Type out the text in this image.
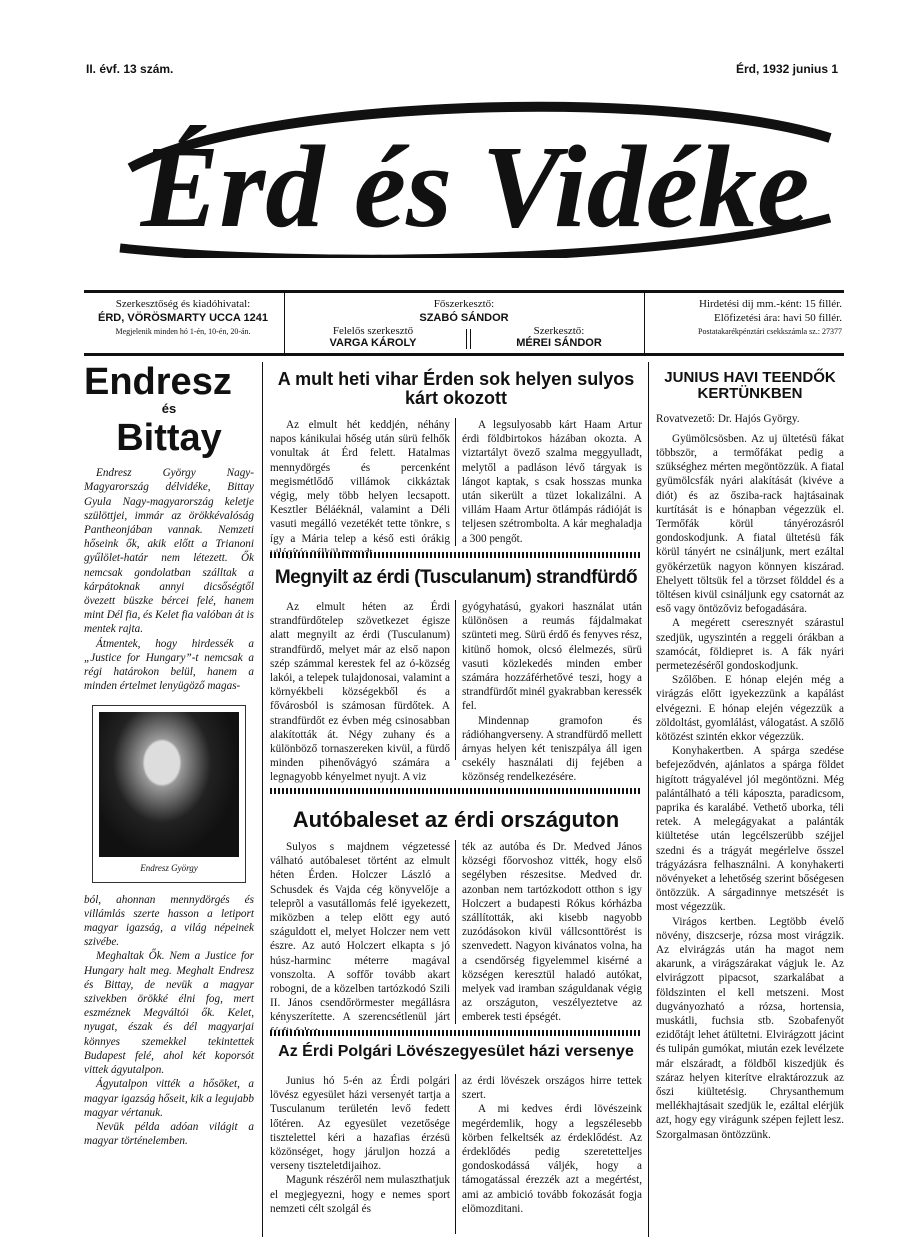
II. évf. 13 szám.	Érd, 1932 junius 1
Érd és Vidéke
Szerkesztőség és kiadóhivatal:
ÉRD, VÖRÖSMARTY UCCA 1241
Megjelenik minden hó 1-én, 10-én, 20-án.
Főszerkesztő:
SZABÓ SÁNDOR
Felelős szerkesztő
VARGA KÁROLY
Szerkesztő:
MÉREI SÁNDOR
Hirdetési dij mm.-ként: 15 fillér.
Előfizetési ára: havi 50 fillér.
Postatakarékpénztári csekkszámla sz.: 27377
Endresz
és
Bittay

Endresz György Nagy-Magyarország délvidéke, Bittay Gyula Nagy-magyarország keletje szülöttjei, immár az örökkévalóság Pantheonjában vannak. Nemzeti hőseink ők, akik előtt a Trianoni gyűlölet-határ nem létezett. Ők nemcsak gondolatban szálltak a kárpátoknak annyi dicsőségtől övezett büszke bércei felé, hanem mint Dél fia, és Kelet fia valóban át is mentek rajta.

Átmentek, hogy hirdessék a „Justice for Hungary”-t nemcsak a régi határokon belül, hanem a minden értelmet lenyügöző magas-

Endresz György

ból, ahonnan mennydörgés és villámlás szerte hasson a letiport magyar igazság, a világ népeinek szivébe.

Meghaltak Ők. Nem a Justice for Hungary halt meg. Meghalt Endresz és Bittay, de nevük a magyar szivekben örökké élni fog, mert eszméznek Megváltói ők. Kelet, nyugat, észak és dél magyarjai könnyes szemekkel tekintettek Budapest felé, ahol két koporsót vittek ágyutalpon.

Ágyutalpon vitték a hősöket, a magyar igazság hőseit, kik a legujabb magyar vértanuk.

Nevük példa adóan világit a magyar történelemben.

A mult heti vihar Érden sok helyen sulyos kárt okozott

Az elmult hét keddjén, néhány napos kánikulai hőség után sürü felhők vonultak át Érd felett. Hatalmas mennydörgés és percenként megismétlődő villámok cikkáztak végig, mely több helyen lecsapott. Kesztler Béláéknál, valamint a Déli vasuti megálló vezetékét tette tönkre, s így a Mária telep a késő esti órákig

A legsulyosabb kárt Haam Artur érdi földbirtokos házában okozta. A viztartályt övező szalma meggyulladt, melytől a padláson lévő tárgyak is lángot kaptak, s csak hosszas munka után sikerült a tüzet lokalizálni. A villám Haam Artur ötlámpás rádióját is teljesen szétrombolta. A kár meghaladja a 300 pengőt.

Megnyilt az érdi (Tusculanum) strandfürdő

Az elmult héten az Érdi strandfürdőtelep szövetkezet égisze alatt megnyilt az érdi (Tusculanum) strandfürdő, melyet már az első napon szép számmal kerestek fel az ó-község lakói, a telepek tulajdonosai, valamint a környékbeli községekből és a fővárosból is számosan fürdőtek. A strandfürdőt ez évben még csinosabban alakították át. Négy zuhany és a különböző tornaszereken kivül, a fürdő minden pihenővágyó számára a legnagyobb kényelmet nyujt. A viz

gyógyhatású, gyakori használat után különösen a reumás fájdalmakat szünteti meg. Sürü érdő és fenyves rész, kitünő homok, olcsó élelmezés, sürü vasuti közlekedés minden ember számára hozzáférhetővé teszi, hogy a strandfürdőt minél gyakrabban keressék fel.

Mindennap gramofon és rádióhangverseny. A strandfürdő mellett árnyas helyen két teniszpálya áll igen csekély használati dij fejében a közönség rendelkezésére.

Autóbaleset az érdi országuton

Sulyos s majdnem végzetessé válható autóbaleset történt az elmult héten Érden. Holczer László a Schusdek és Vajda cég könyvelője a teleprõl a vasutállomás felé igyekezett, miközben a telep elött egy autó száguldott el, melyet Holczer nem vett észre. Az autó Holczert elkapta s jó húsz-harminc méterre magával vonszolta. A soffőr tovább akart robogni, de a közelben tartózkodó Szili II. János csendőrörmester megállásra kényszerítette. A szerencsétlenül járt

ték az autóba és Dr. Medved János községi főorvoshoz vitték, hogy első segélyben részesitse. Medved dr. azonban nem tartózkodott otthon s igy Holczert a budapesti Rókus kórházba szállították, aki kisebb nagyobb zuzódásokon kivül vállcsonttörést is szenvedett. Nagyon kivánatos volna, ha a csendőrség figyelemmel kisérné a községen keresztül haladó autókat, melyek vad iramban száguldanak végig az országuton, veszélyeztetve az emberek testi épségét.

Az Érdi Polgári Lövészegyesület házi versenye

Junius hó 5-én az Érdi polgári lövész egyesület házi versenyét tartja a Tusculanum területén levő fedett lőtéren. Az egyesület vezetősége tisztelettel kéri a hazafias érzésü közönséget, hogy járuljon hozzá a verseny tiszteletdijaihoz.

Magunk részéről nem mulaszthatjuk el megjegyezni, hogy e nemes sport nemzeti célt szolgál és

az érdi lövészek országos hirre tettek szert.

A mi kedves érdi lövészeink megérdemlik, hogy a legszélesebb körben felkeltsék az érdeklődést. Az érdeklődés pedig szeretetteljes gondoskodássá váljék, hogy a támogatással érezzék azt a megértést, ami az ambició tovább fokozását fogja elömozditani.

JUNIUS HAVI TEENDŐK KERTÜNKBEN
Rovatvezető: Dr. Hajós György.

Gyümölcsösben. Az uj ültetésü fákat többször, a termőfákat pedig a szükséghez mérten megöntözzük. A fiatal gyümölcsfák nyári alakítását (kivéve a diót) és az ősziba-rack hajtásainak kurtítását is e hónapban végezzük el. Termőfák körül tányérozásról gondoskodjunk. A fiatal ültetésü fák körül tányért ne csináljunk, mert ezáltal gyökérzetük nagyon könnyen kiszárad. Ehelyett töltsük fel a törzset földdel és a töltésen kivül csináljunk egy csatornát az eső vagy öntözőviz befogadására.

A megérett cseresznyét szárastul szedjük, ugyszintén a reggeli órákban a szamócát, földiepret is. A fák nyári permetezéséről gondoskodjunk.

Szőlőben. E hónap elején még a virágzás előtt igyekezzünk a kapálást elvégezni. E hónap elején végezzük a zöldoltást, gyomlálást, válogatást. A szőlő kötözést szintén ekkor végezzük.

Konyhakertben. A spárga szedése befejeződvén, ajánlatos a spárga földet higított trágyalével jól megöntözni. Még palántálható a téli káposzta, paradicsom, paprika és karalábé. Vethető uborka, téli retek. A melegágyakat a palánták kiültetése után legcélszerübb széjjel szedni és a trágyát megérlelve ősszel trágyázásra felhasználni. A konyhakerti növényeket a lehetőség szerint bőségesen öntözzük. A sárgadinnye metszését is most végezzük.

Virágos kertben. Legtöbb évelő növény, diszcserje, rózsa most virágzik. Az elvirágzás után ha magot nem akarunk, a virágszárakat vágjuk le. Az elvirágzott pipacsot, szarkalábat a földszinten el kell metszeni. Most dugványozható a rózsa, hortensia, muskátli, fuchsia stb. Szobafenyőt ezidőtájt lehet átültetni. Elvirágzott jácint és tulipán gumókat, miután ezek levélzete már elszáradt, a földből kiszedjük és száraz helyen kiterítve elraktározzuk az őszi kiültetésig. Chrysanthemum mellékhajtásait szedjük le, ezáltal elérjük azt, hogy egy virágunk szépen fejlett lesz. Szorgalmasan öntözzünk.
